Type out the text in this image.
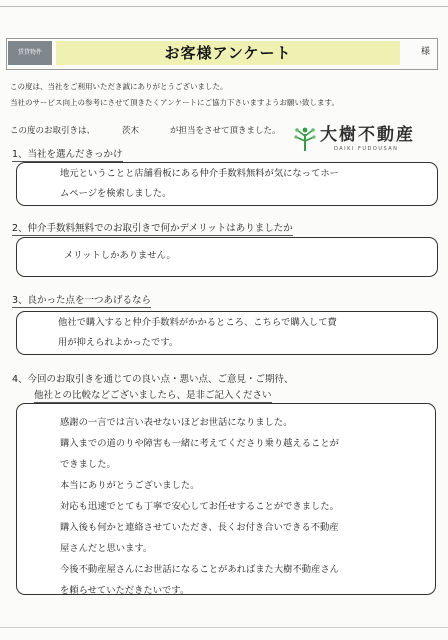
賃貸物件	お客様アンケート	様
この度は、当社をご利用いただき誠にありがとうございました。
当社のサービス向上の参考にさせて頂きたくアンケートにご協力下さいますようお願い致します。
この度のお取引きは、	茨木	が担当をさせて頂きました。 大樹不動産
DAIKI FUDOUSAN
1、当社を選んだきっかけ
地元ということと店舗看板にある仲介手数料無料が気になってホー
ムページを検索しました。
2、仲介手数料無料でのお取引きで何かデメリットはありましたか
メリットしかありません。
3、良かった点を一つあげるなら
他社で購入すると仲介手数料がかかるところ、こちらで購入して費
用が抑えられよかったです。
4、今回のお取引きを通じての良い点・悪い点、ご意見・ご期待、
他社との比較などございましたら、是非ご記入ください
感謝の一言では言い表せないほどお世話になりました。
購入までの道のりや障害も一緒に考えてくださり乗り越えることが
できました。
本当にありがとうございました。
対応も迅速でとても丁寧で安心してお任せすることができました。
購入後も何かと連絡させていただき、長くお付き合いできる不動産
屋さんだと思います。
今後不動産屋さんにお世話になることがあればまた大樹不動産さん
を頼らせていただきたいです。
